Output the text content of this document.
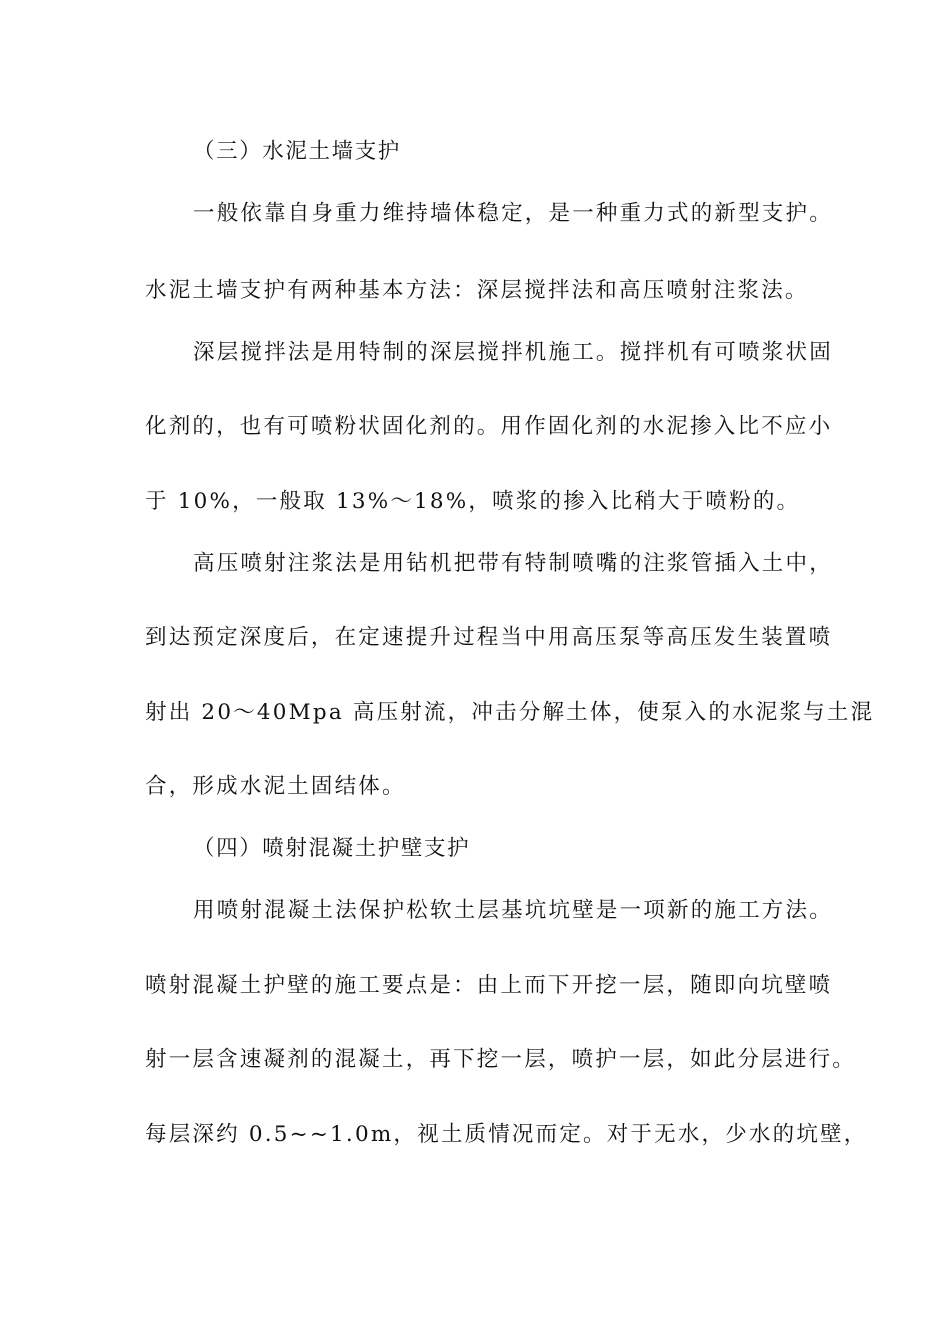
（三）水泥土墙支护
一般依靠自身重力维持墙体稳定，是一种重力式的新型支护。
水泥土墙支护有两种基本方法：深层搅拌法和高压喷射注浆法。
深层搅拌法是用特制的深层搅拌机施工。搅拌机有可喷浆状固
化剂的，也有可喷粉状固化剂的。用作固化剂的水泥掺入比不应小
于 10%，一般取 13%～18%，喷浆的掺入比稍大于喷粉的。
高压喷射注浆法是用钻机把带有特制喷嘴的注浆管插入土中，
到达预定深度后，在定速提升过程当中用高压泵等高压发生装置喷
射出 20～40Mpa 高压射流，冲击分解土体，使泵入的水泥浆与土混
合，形成水泥土固结体。
（四）喷射混凝土护壁支护
用喷射混凝土法保护松软土层基坑坑壁是一项新的施工方法。
喷射混凝土护壁的施工要点是：由上而下开挖一层，随即向坑壁喷
射一层含速凝剂的混凝土，再下挖一层，喷护一层，如此分层进行。
每层深约 0.5~~1.0m，视土质情况而定。对于无水，少水的坑壁，
